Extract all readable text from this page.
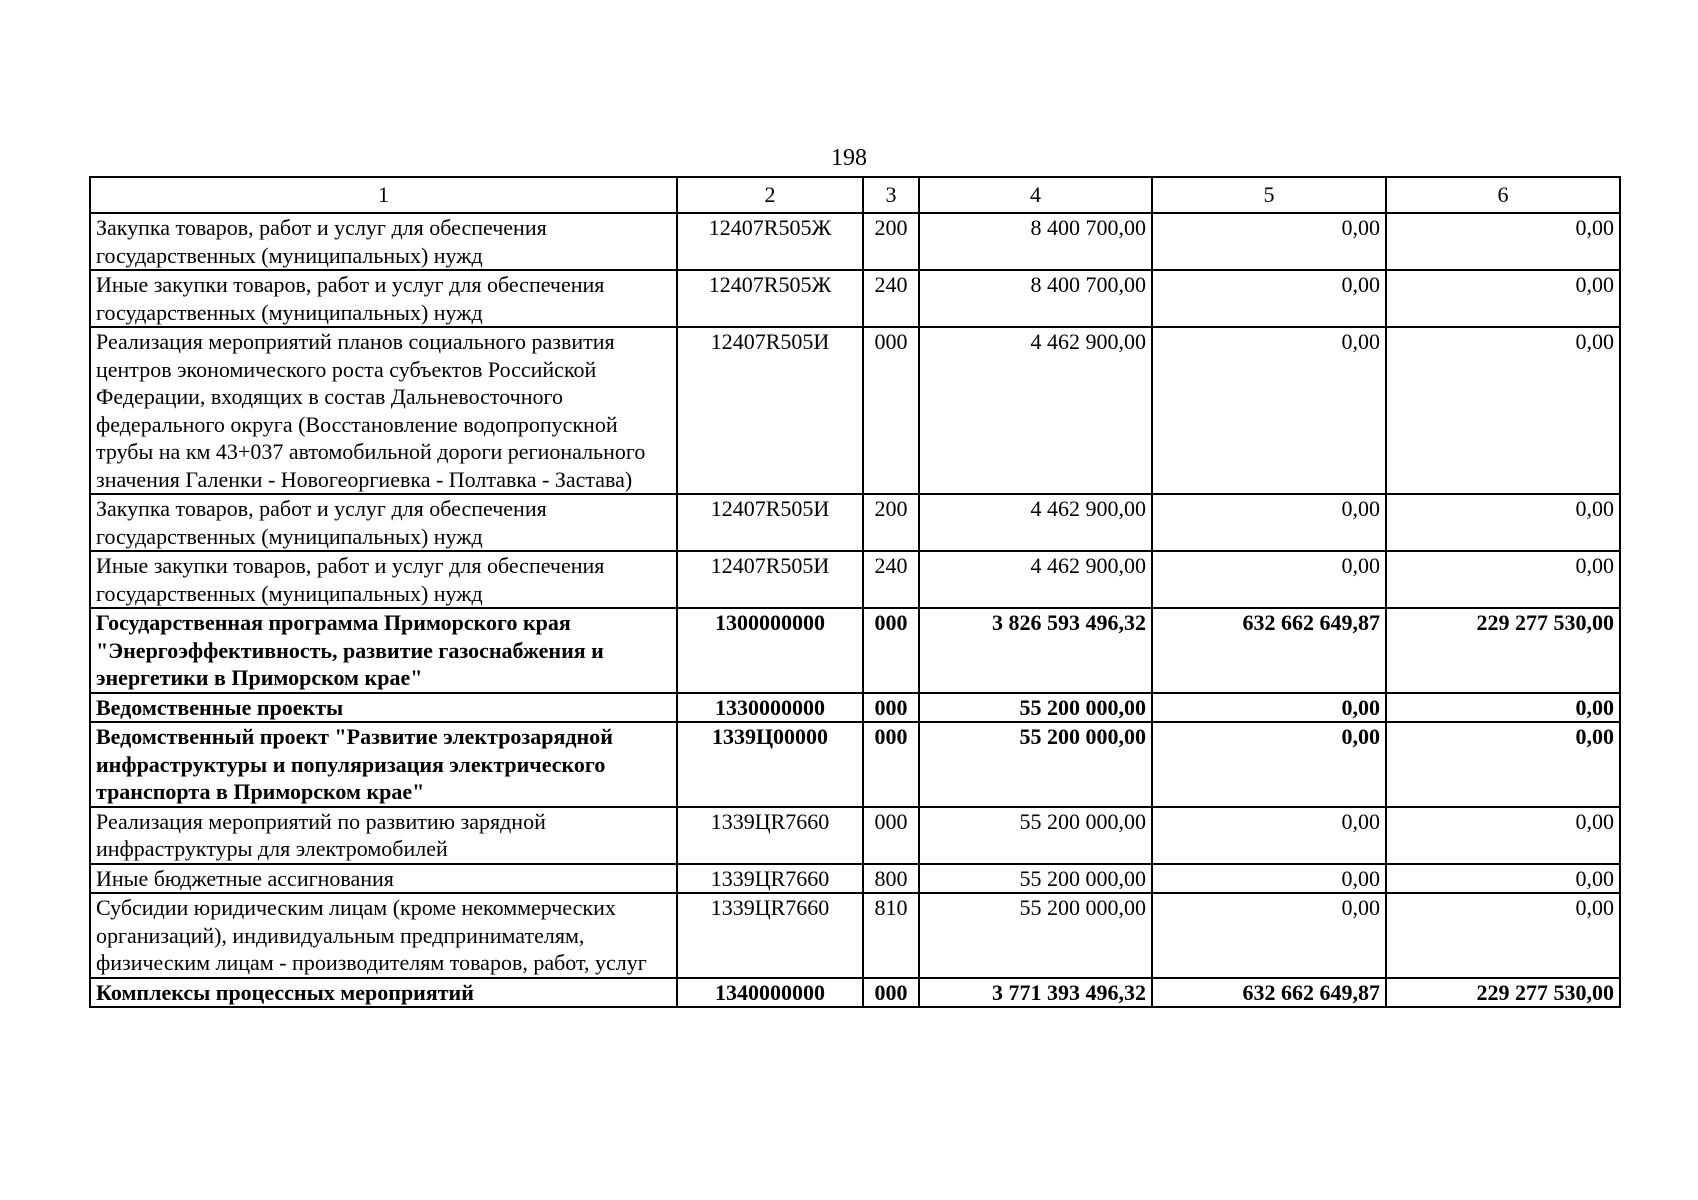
198
1	2	3	4	5	6
Закупка товаров, работ и услуг для обеспечения государственных (муниципальных) нужд	12407R505Ж	200	8 400 700,00	0,00	0,00
Иные закупки товаров, работ и услуг для обеспечения государственных (муниципальных) нужд	12407R505Ж	240	8 400 700,00	0,00	0,00
Реализация мероприятий планов социального развития центров экономического роста субъектов Российской Федерации, входящих в состав Дальневосточного федерального округа (Восстановление водопропускной трубы на км 43+037 автомобильной дороги регионального значения Галенки - Новогеоргиевка - Полтавка - Застава)	12407R505И	000	4 462 900,00	0,00	0,00
Закупка товаров, работ и услуг для обеспечения государственных (муниципальных) нужд	12407R505И	200	4 462 900,00	0,00	0,00
Иные закупки товаров, работ и услуг для обеспечения государственных (муниципальных) нужд	12407R505И	240	4 462 900,00	0,00	0,00
Государственная программа Приморского края "Энергоэффективность, развитие газоснабжения и энергетики в Приморском крае"	1300000000	000	3 826 593 496,32	632 662 649,87	229 277 530,00
Ведомственные проекты	1330000000	000	55 200 000,00	0,00	0,00
Ведомственный проект "Развитие электрозарядной инфраструктуры и популяризация электрического транспорта в Приморском крае"	1339Ц00000	000	55 200 000,00	0,00	0,00
Реализация мероприятий по развитию зарядной инфраструктуры для электромобилей	1339ЦR7660	000	55 200 000,00	0,00	0,00
Иные бюджетные ассигнования	1339ЦR7660	800	55 200 000,00	0,00	0,00
Субсидии юридическим лицам (кроме некоммерческих организаций), индивидуальным предпринимателям, физическим лицам - производителям товаров, работ, услуг	1339ЦR7660	810	55 200 000,00	0,00	0,00
Комплексы процессных мероприятий	1340000000	000	3 771 393 496,32	632 662 649,87	229 277 530,00
